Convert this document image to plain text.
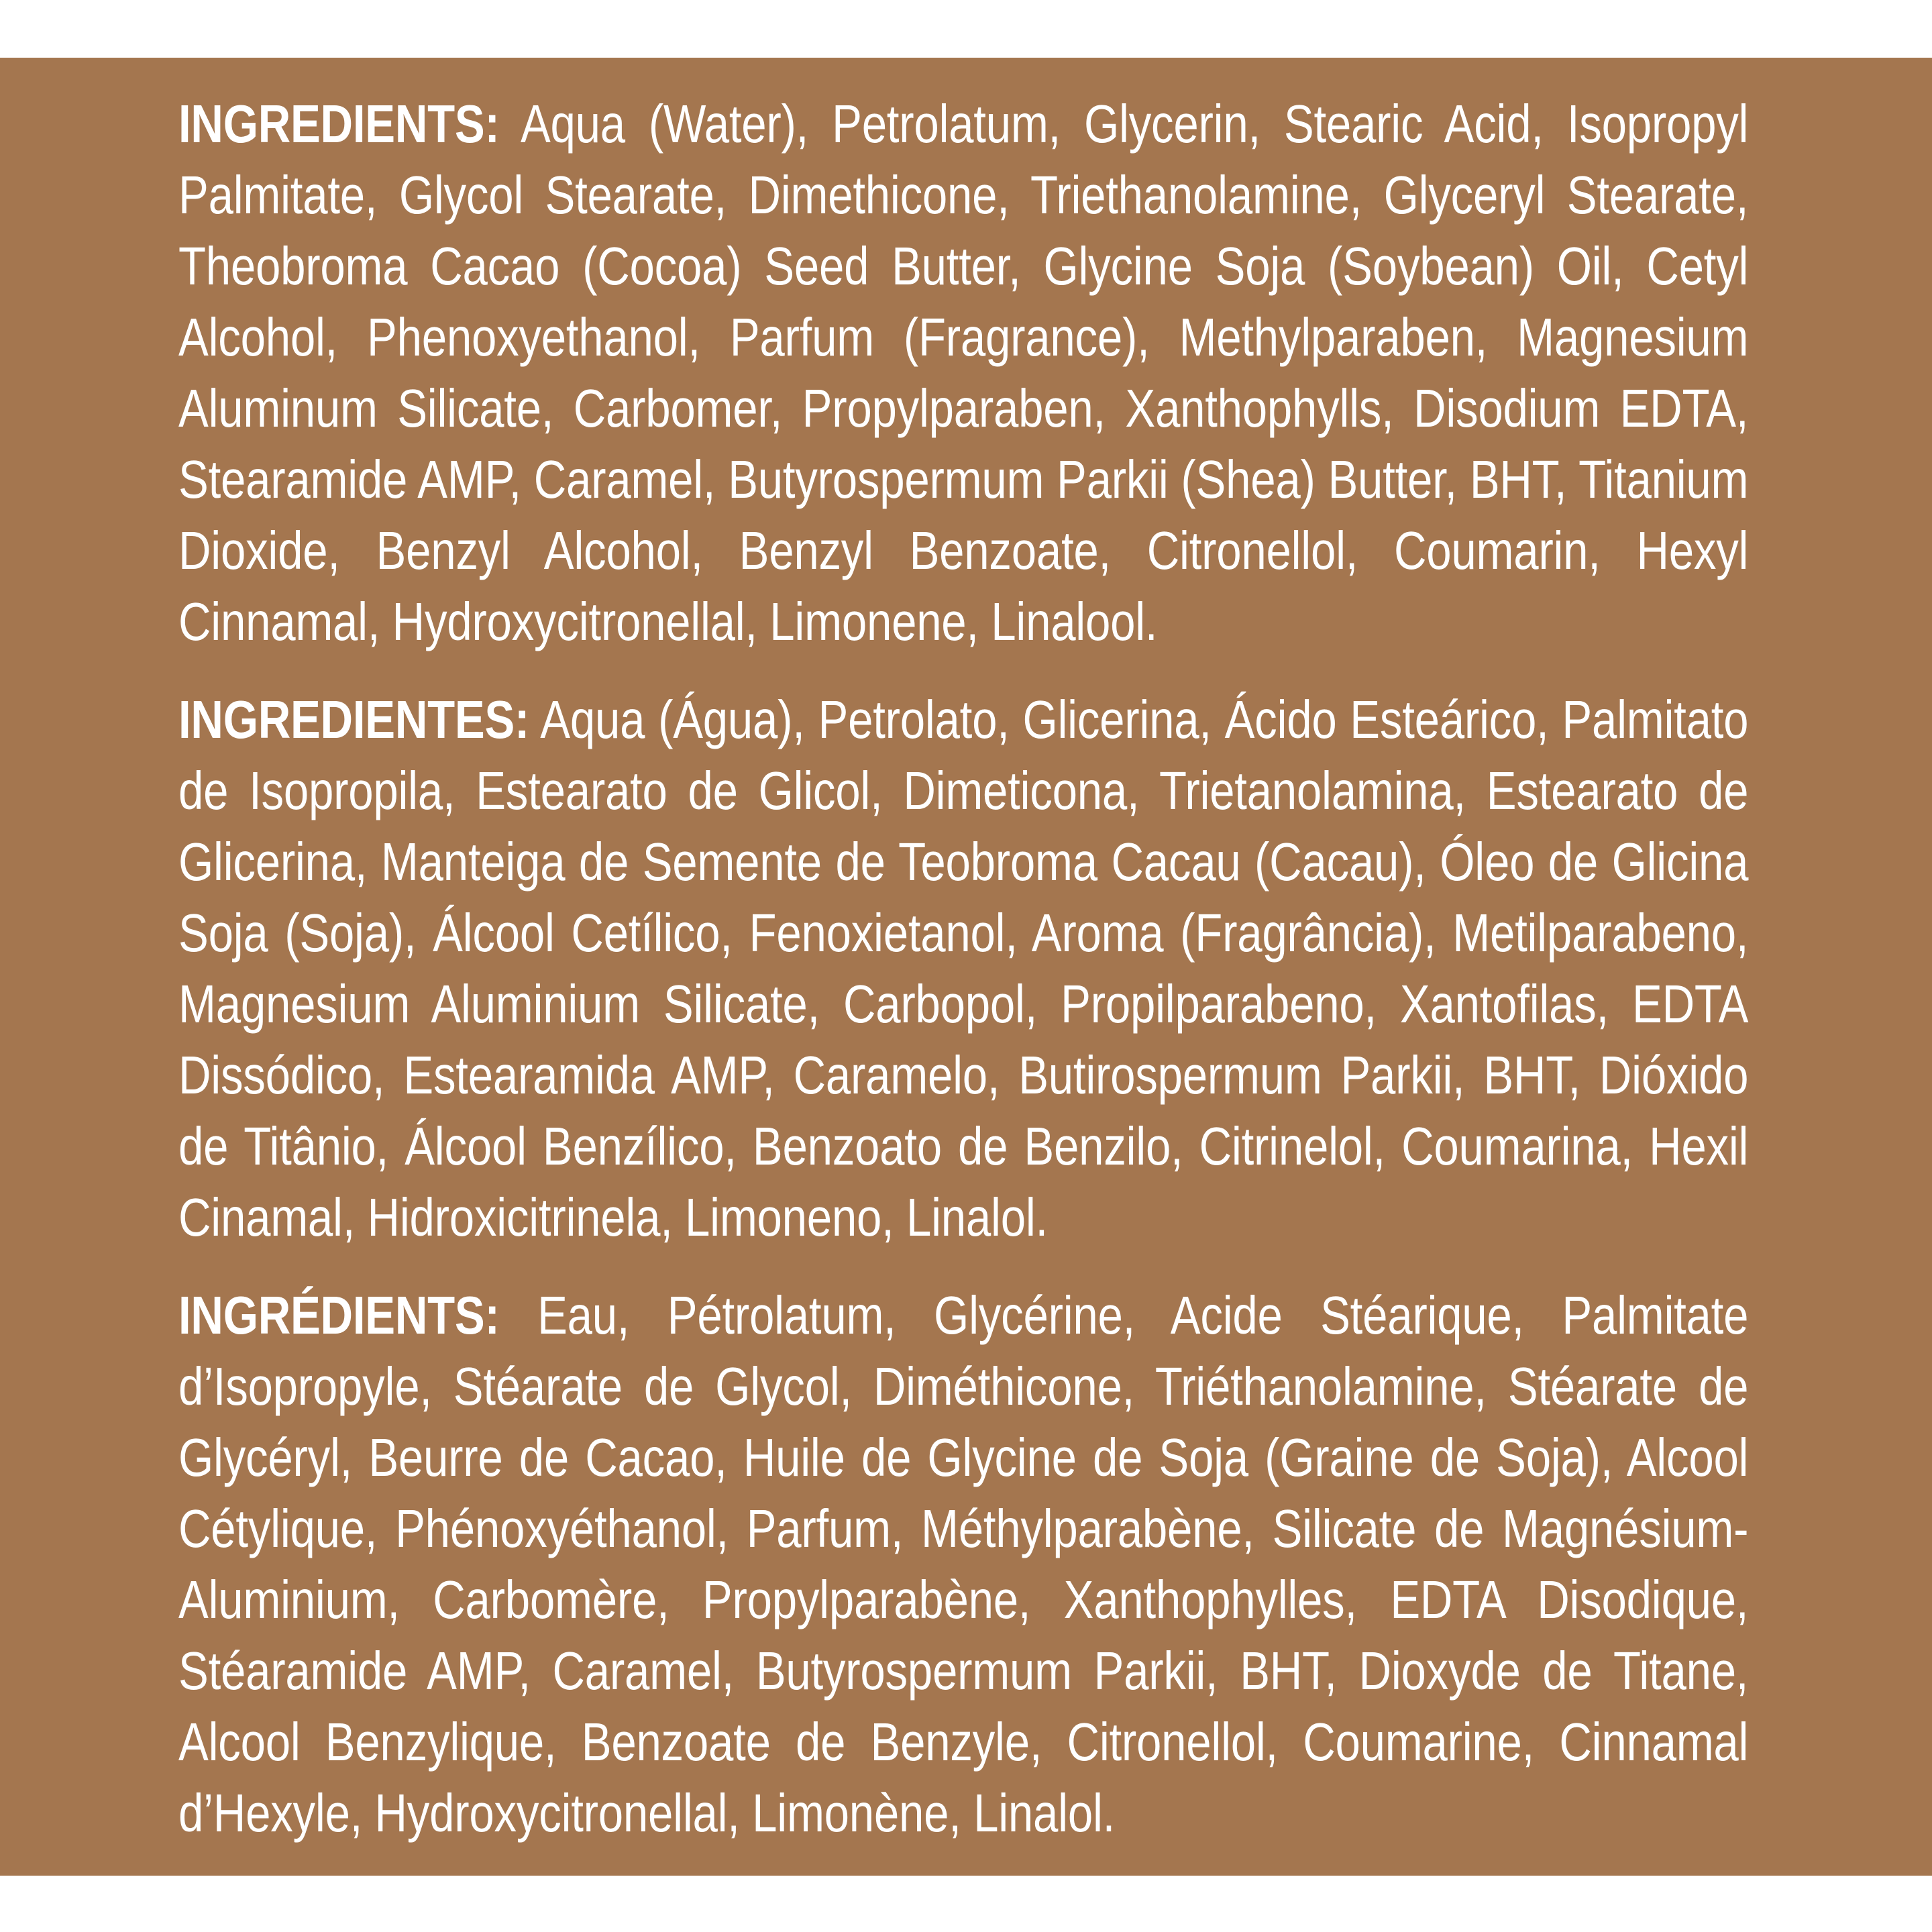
INGREDIENTS: Aqua (Water), Petrolatum, Glycerin, Stearic Acid, Isopropyl Palmitate, Glycol Stearate, Dimethicone, Triethanolamine, Glyceryl Stearate, Theobroma Cacao (Cocoa) Seed Butter, Glycine Soja (Soybean) Oil, Cetyl Alcohol, Phenoxyethanol, Parfum (Fragrance), Methylparaben, Magnesium Aluminum Silicate, Carbomer, Propylparaben, Xanthophylls, Disodium EDTA, Stearamide AMP, Caramel, Butyrospermum Parkii (Shea) Butter, BHT, Titanium Dioxide, Benzyl Alcohol, Benzyl Benzoate, Citronellol, Coumarin, Hexyl Cinnamal, Hydroxycitronellal, Limonene, Linalool.

INGREDIENTES: Aqua (Água), Petrolato, Glicerina, Ácido Esteárico, Palmitato de Isopropila, Estearato de Glicol, Dimeticona, Trietanolamina, Estearato de Glicerina, Manteiga de Semente de Teobroma Cacau (Cacau), Óleo de Glicina Soja (Soja), Álcool Cetílico, Fenoxietanol, Aroma (Fragrância), Metilparabeno, Magnesium Aluminium Silicate, Carbopol, Propilparabeno, Xantofilas, EDTA Dissódico, Estearamida AMP, Caramelo, Butirospermum Parkii, BHT, Dióxido de Titânio, Álcool Benzílico, Benzoato de Benzilo, Citrinelol, Coumarina, Hexil Cinamal, Hidroxicitrinela, Limoneno, Linalol.

INGRÉDIENTS: Eau, Pétrolatum, Glycérine, Acide Stéarique, Palmitate d’Isopropyle, Stéarate de Glycol, Diméthicone, Triéthanolamine, Stéarate de Glycéryl, Beurre de Cacao, Huile de Glycine de Soja (Graine de Soja), Alcool Cétylique, Phénoxyéthanol, Parfum, Méthylparabène, Silicate de Magnésium-Aluminium, Carbomère, Propylparabène, Xanthophylles, EDTA Disodique, Stéaramide AMP, Caramel, Butyrospermum Parkii, BHT, Dioxyde de Titane, Alcool Benzylique, Benzoate de Benzyle, Citronellol, Coumarine, Cinnamal d’Hexyle, Hydroxycitronellal, Limonène, Linalol.
